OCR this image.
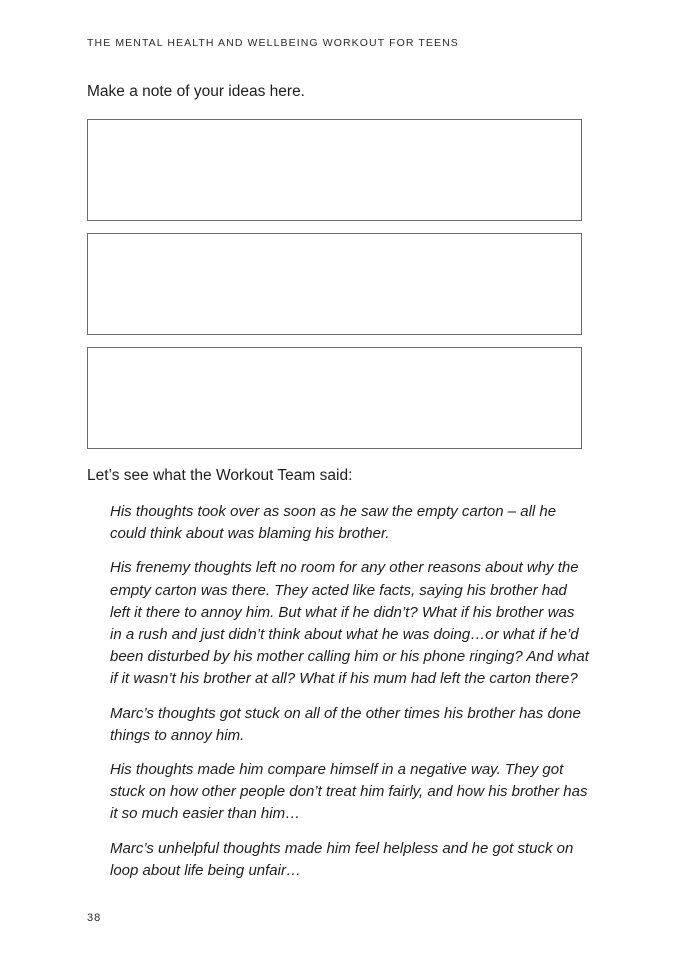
THE MENTAL HEALTH AND WELLBEING WORKOUT FOR TEENS
Make a note of your ideas here.
Let’s see what the Workout Team said:

His thoughts took over as soon as he saw the empty carton – all he could think about was blaming his brother.

His frenemy thoughts left no room for any other reasons about why the empty carton was there. They acted like facts, saying his brother had left it there to annoy him. But what if he didn’t? What if his brother was in a rush and just didn’t think about what he was doing…or what if he’d been disturbed by his mother calling him or his phone ringing? And what if it wasn’t his brother at all? What if his mum had left the carton there?

Marc’s thoughts got stuck on all of the other times his brother has done things to annoy him.

His thoughts made him compare himself in a negative way. They got stuck on how other people don’t treat him fairly, and how his brother has it so much easier than him…

Marc’s unhelpful thoughts made him feel helpless and he got stuck on loop about life being unfair…

38
